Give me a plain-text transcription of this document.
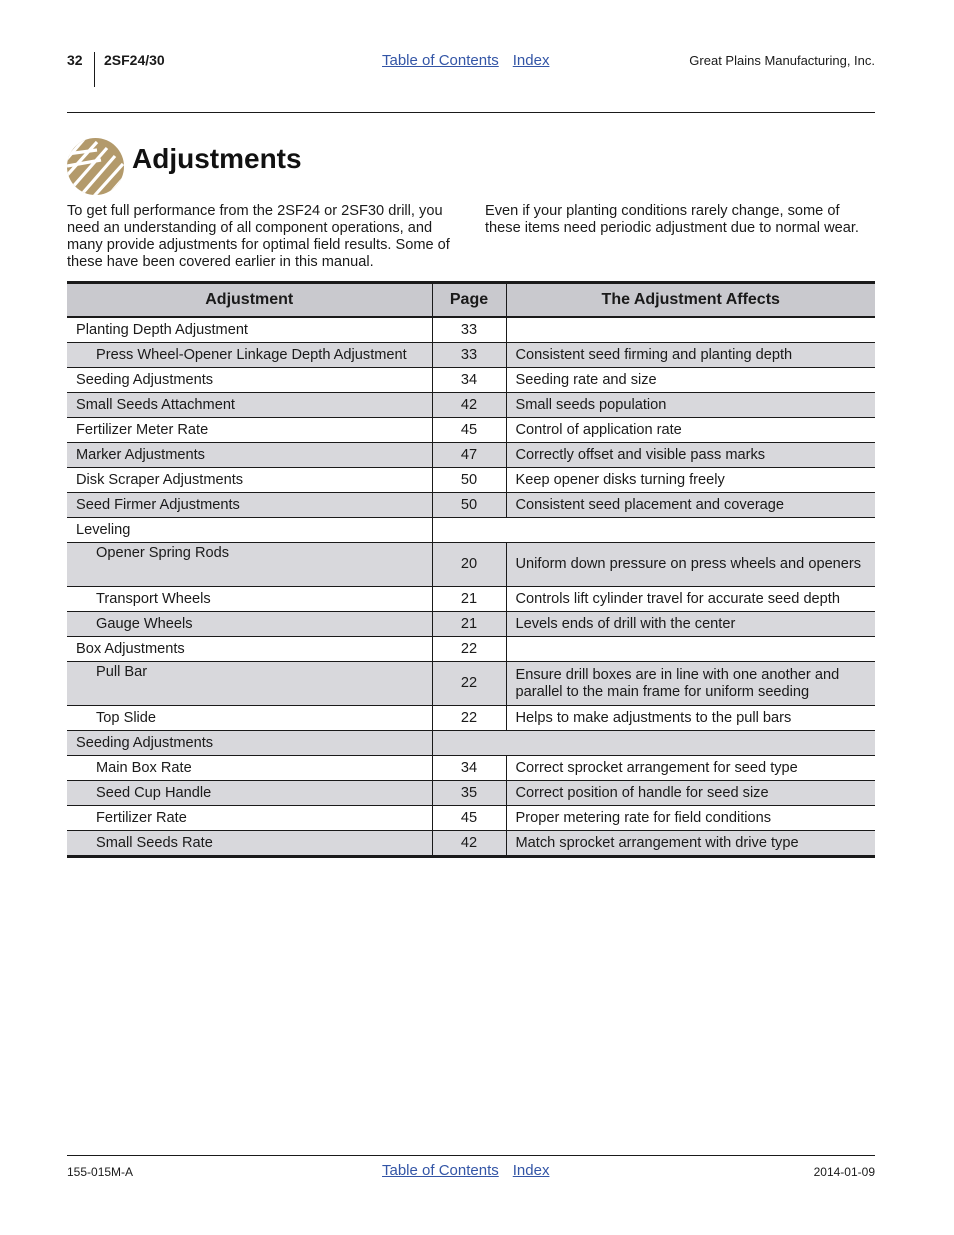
32 2SF24/30	Table of Contents Index	Great Plains Manufacturing, Inc.
Adjustments
To get full performance from the 2SF24 or 2SF30 drill, you need an understanding of all component operations, and many provide adjustments for optimal field results. Some of these have been covered earlier in this manual.
Even if your planting conditions rarely change, some of these items need periodic adjustment due to normal wear.
Adjustment	Page	The Adjustment Affects
Planting Depth Adjustment	33	
Press Wheel-Opener Linkage Depth Adjustment	33	Consistent seed firming and planting depth
Seeding Adjustments	34	Seeding rate and size
Small Seeds Attachment	42	Small seeds population
Fertilizer Meter Rate	45	Control of application rate
Marker Adjustments	47	Correctly offset and visible pass marks
Disk Scraper Adjustments	50	Keep opener disks turning freely
Seed Firmer Adjustments	50	Consistent seed placement and coverage
Leveling		
Opener Spring Rods	20	Uniform down pressure on press wheels and openers
Transport Wheels	21	Controls lift cylinder travel for accurate seed depth
Gauge Wheels	21	Levels ends of drill with the center
Box Adjustments	22	
Pull Bar	22	Ensure drill boxes are in line with one another and parallel to the main frame for uniform seeding
Top Slide	22	Helps to make adjustments to the pull bars
Seeding Adjustments		
Main Box Rate	34	Correct sprocket arrangement for seed type
Seed Cup Handle	35	Correct position of handle for seed size
Fertilizer Rate	45	Proper metering rate for field conditions
Small Seeds Rate	42	Match sprocket arrangement with drive type
155-015M-A	Table of Contents Index	2014-01-09
